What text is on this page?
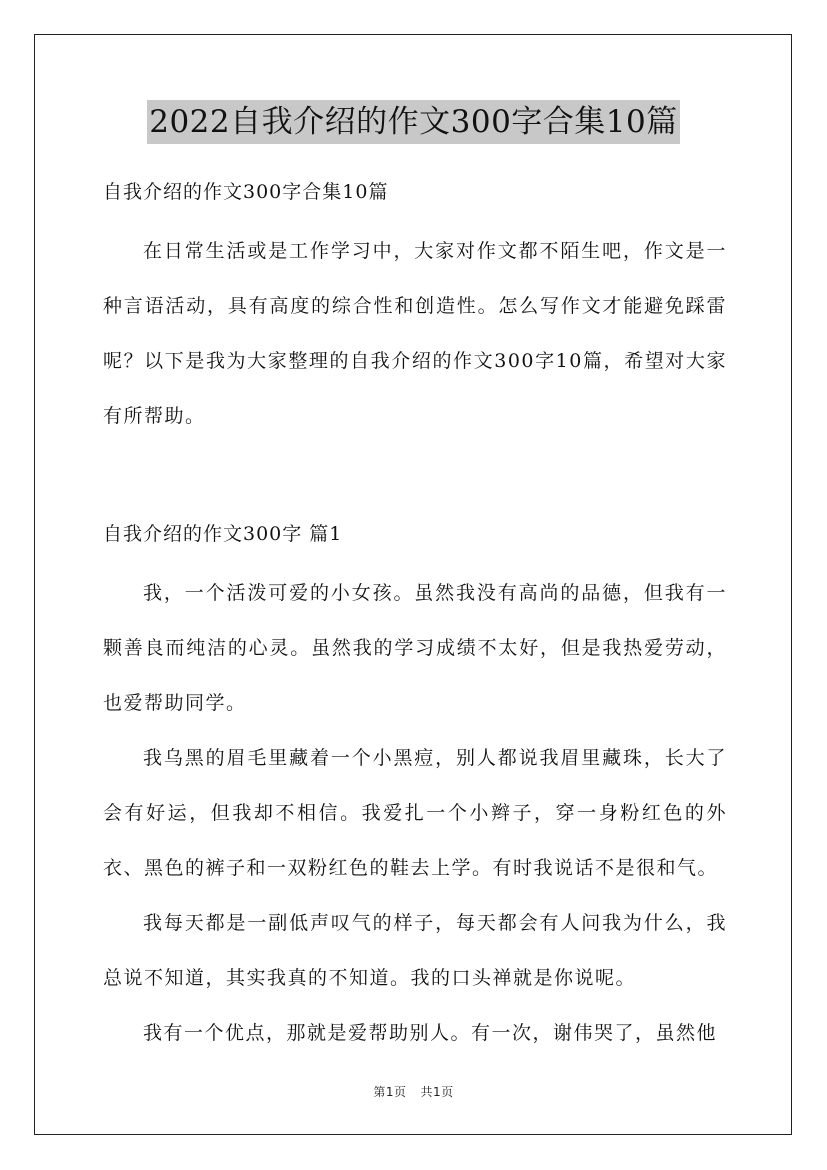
2022自我介绍的作文300字合集10篇
自我介绍的作文300字合集10篇

在日常生活或是工作学习中，大家对作文都不陌生吧，作文是一种言语活动，具有高度的综合性和创造性。怎么写作文才能避免踩雷呢？以下是我为大家整理的自我介绍的作文300字10篇，希望对大家有所帮助。

自我介绍的作文300字 篇1

我，一个活泼可爱的小女孩。虽然我没有高尚的品德，但我有一颗善良而纯洁的心灵。虽然我的学习成绩不太好，但是我热爱劳动，也爱帮助同学。

我乌黑的眉毛里藏着一个小黑痘，别人都说我眉里藏珠，长大了会有好运，但我却不相信。我爱扎一个小辫子，穿一身粉红色的外衣、黑色的裤子和一双粉红色的鞋去上学。有时我说话不是很和气。

我每天都是一副低声叹气的样子，每天都会有人问我为什么，我总说不知道，其实我真的不知道。我的口头禅就是你说呢。

我有一个优点，那就是爱帮助别人。有一次，谢伟哭了，虽然他

第1页 共1页
